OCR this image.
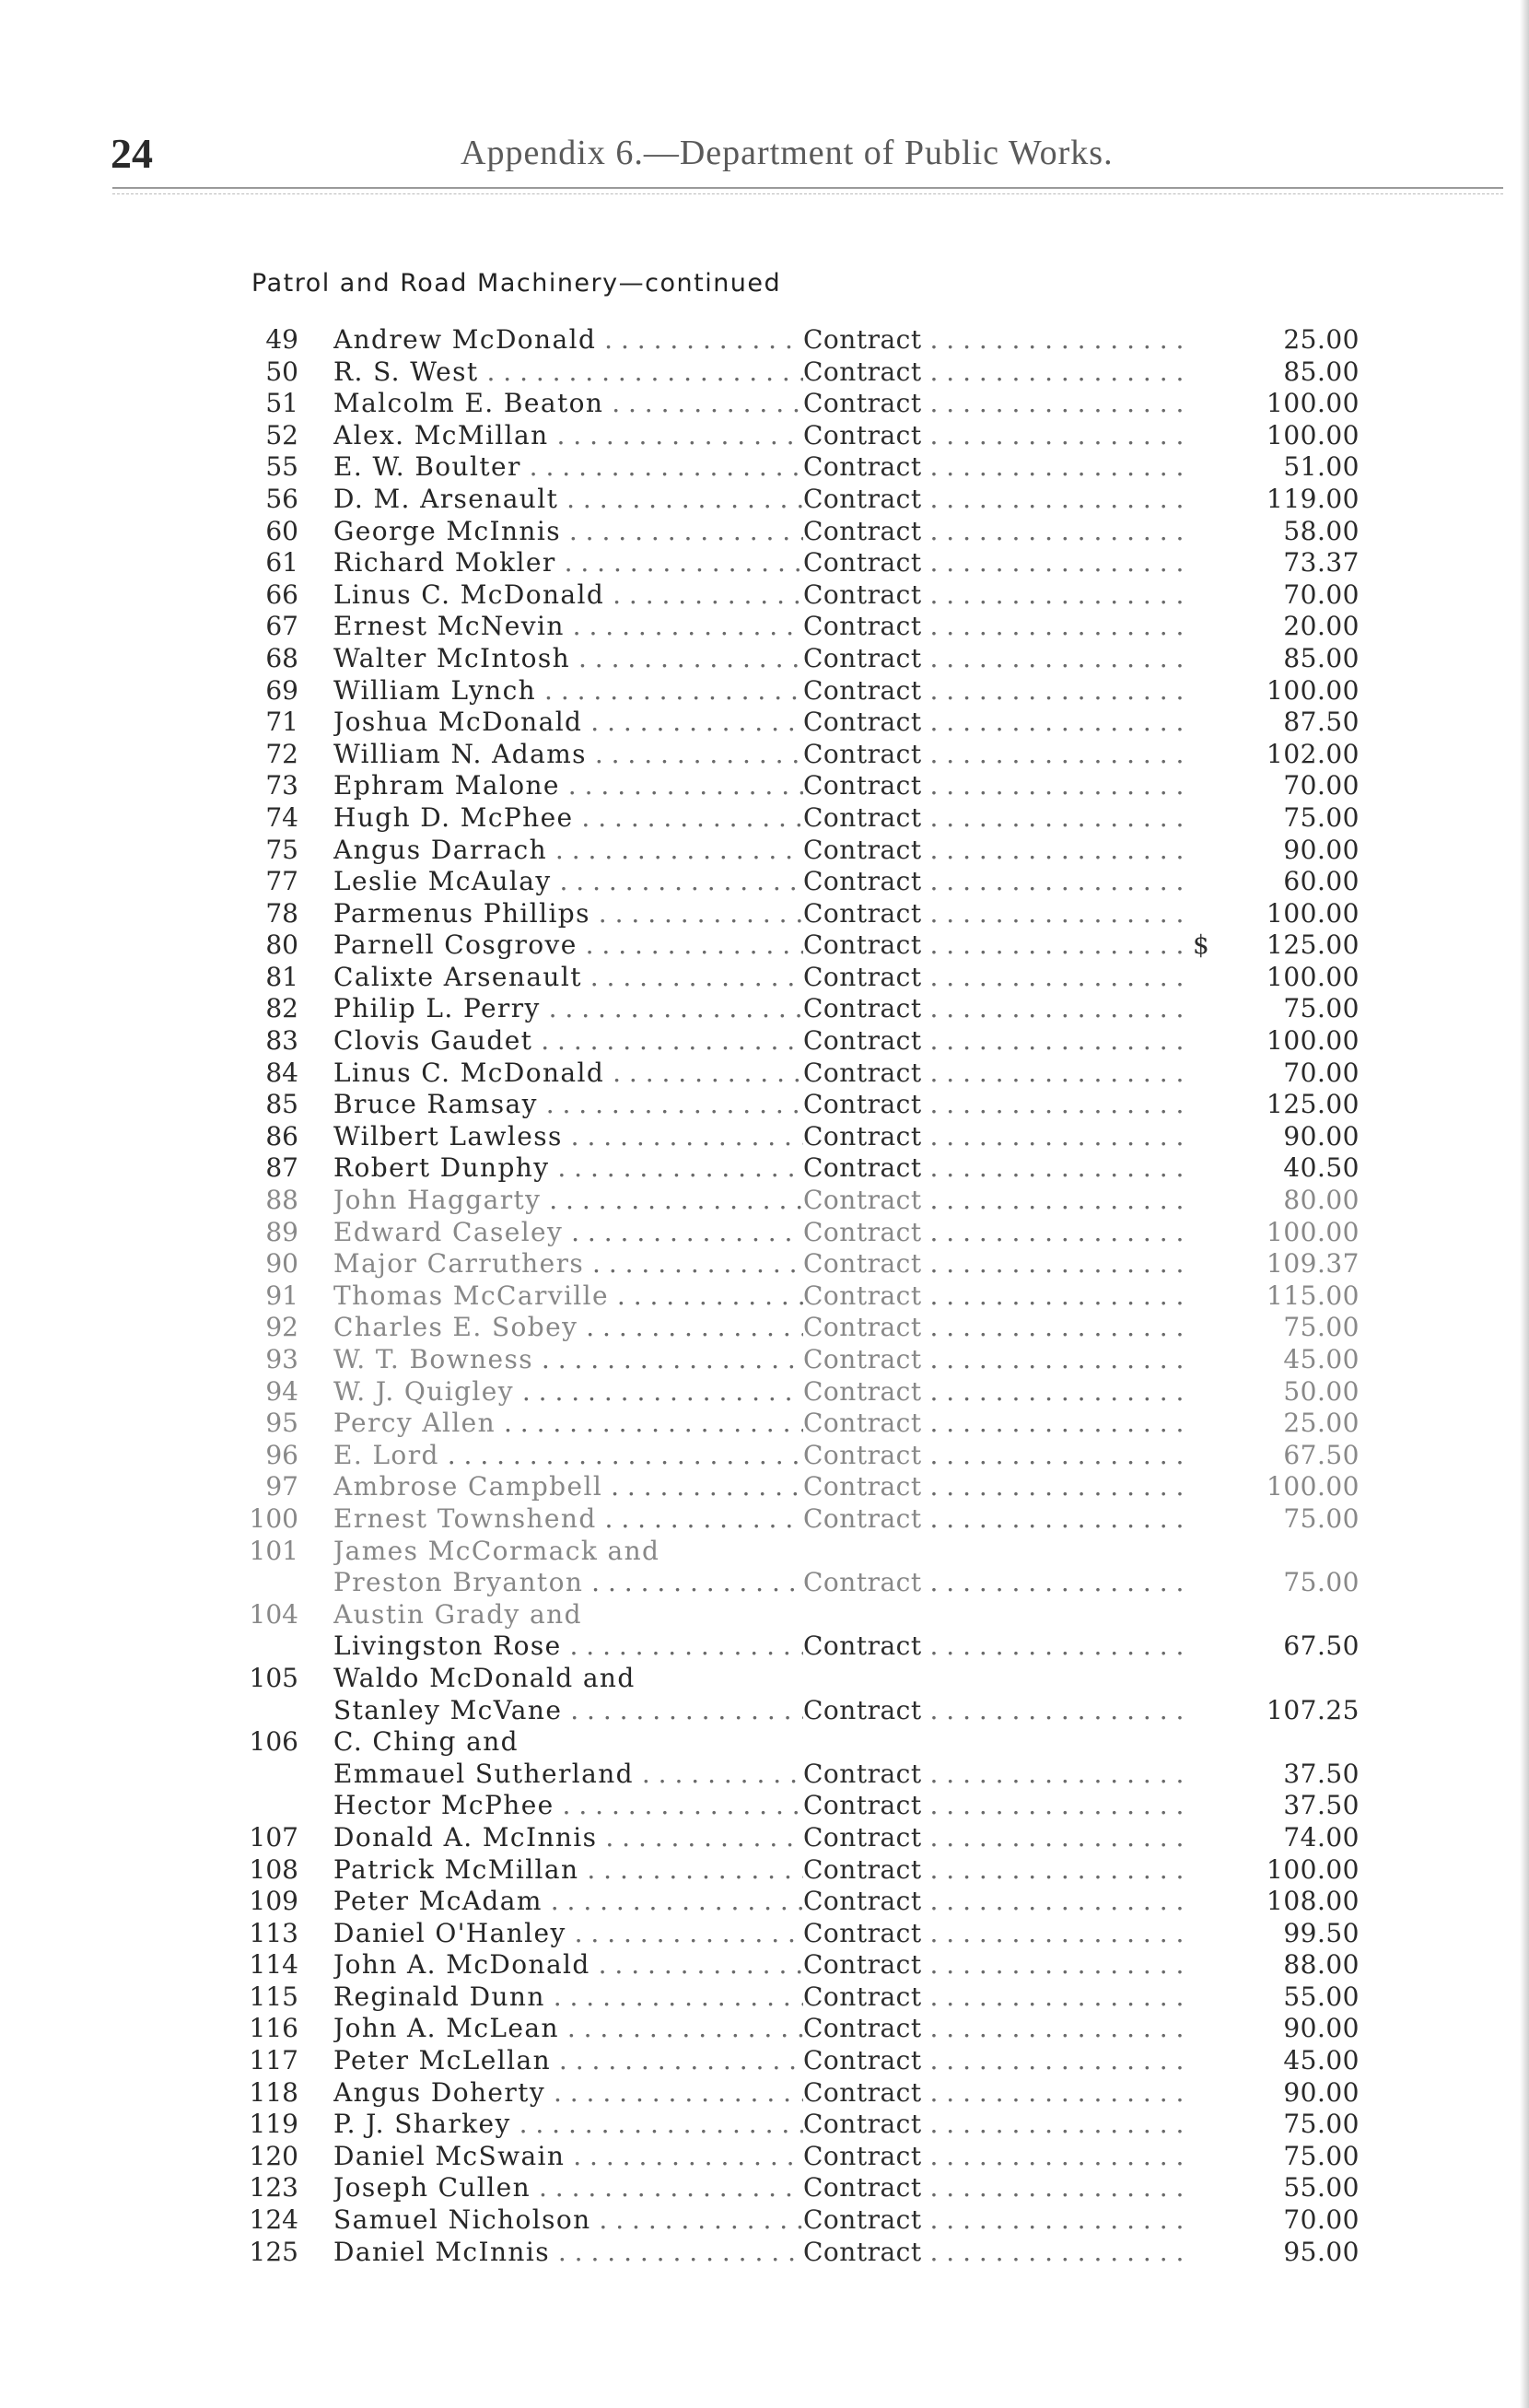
24	Appendix 6.—Department of Public Works.
Patrol and Road Machinery—continued
49 Andrew McDonald . . .	Contract . . .	25.00
50 R. S. West . . .	Contract . . .	85.00
51 Malcolm E. Beaton . . .	Contract . . .	100.00
52 Alex. McMillan . . .	Contract . . .	100.00
55 E. W. Boulter . . .	Contract . . .	51.00
56 D. M. Arsenault . . .	Contract . . .	119.00
60 George McInnis . . .	Contract . . .	58.00
61 Richard Mokler . . .	Contract . . .	73.37
66 Linus C. McDonald . . .	Contract . . .	70.00
67 Ernest McNevin . . .	Contract . . .	20.00
68 Walter McIntosh . . .	Contract . . .	85.00
69 William Lynch . . .	Contract . . .	100.00
71 Joshua McDonald . . .	Contract . . .	87.50
72 William N. Adams . . .	Contract . . .	102.00
73 Ephram Malone . . .	Contract . . .	70.00
74 Hugh D. McPhee . . .	Contract . . .	75.00
75 Angus Darrach . . .	Contract . . .	90.00
77 Leslie McAulay . . .	Contract . . .	60.00
78 Parmenus Phillips . . .	Contract . . .	100.00
80 Parnell Cosgrove . . .	Contract . . .	$ 125.00
81 Calixte Arsenault . . .	Contract . . .	100.00
82 Philip L. Perry . . .	Contract . . .	75.00
83 Clovis Gaudet . . .	Contract . . .	100.00
84 Linus C. McDonald . . .	Contract . . .	70.00
85 Bruce Ramsay . . .	Contract . . .	125.00
86 Wilbert Lawless . . .	Contract . . .	90.00
87 Robert Dunphy . . .	Contract . . .	40.50
88 John Haggarty . . .	Contract . . .	80.00
89 Edward Caseley . . .	Contract . . .	100.00
90 Major Carruthers . . .	Contract . . .	109.37
91 Thomas McCarville . . .	Contract . . .	115.00
92 Charles E. Sobey . . .	Contract . . .	75.00
93 W. T. Bowness . . .	Contract . . .	45.00
94 W. J. Quigley . . .	Contract . . .	50.00
95 Percy Allen . . .	Contract . . .	25.00
96 E. Lord . . .	Contract . . .	67.50
97 Ambrose Campbell . . .	Contract . . .	100.00
100 Ernest Townshend . . .	Contract . . .	75.00
101 James McCormack and
Preston Bryanton . . .	Contract . . .	75.00
104 Austin Grady and
Livingston Rose . . .	Contract . . .	67.50
105 Waldo McDonald and
Stanley McVane . . .	Contract . . .	107.25
106 C. Ching and
Emmauel Sutherland . . .	Contract . . .	37.50
Hector McPhee . . .	Contract . . .	37.50
107 Donald A. McInnis . . .	Contract . . .	74.00
108 Patrick McMillan . . .	Contract . . .	100.00
109 Peter McAdam . . .	Contract . . .	108.00
113 Daniel O'Hanley . . .	Contract . . .	99.50
114 John A. McDonald . . .	Contract . . .	88.00
115 Reginald Dunn . . .	Contract . . .	55.00
116 John A. McLean . . .	Contract . . .	90.00
117 Peter McLellan . . .	Contract . . .	45.00
118 Angus Doherty . . .	Contract . . .	90.00
119 P. J. Sharkey . . .	Contract . . .	75.00
120 Daniel McSwain . . .	Contract . . .	75.00
123 Joseph Cullen . . .	Contract . . .	55.00
124 Samuel Nicholson . . .	Contract . . .	70.00
125 Daniel McInnis . . .	Contract . . .	95.00
